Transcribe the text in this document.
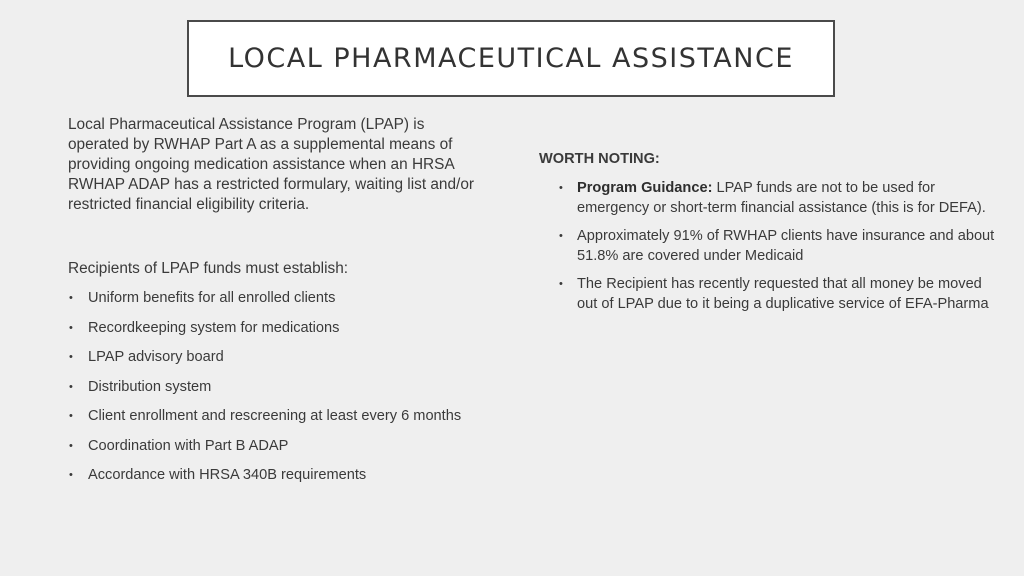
LOCAL PHARMACEUTICAL ASSISTANCE

Local Pharmaceutical Assistance Program (LPAP) is operated by RWHAP Part A as a supplemental means of providing ongoing medication assistance when an HRSA RWHAP ADAP has a restricted formulary, waiting list and/or restricted financial eligibility criteria.

Recipients of LPAP funds must establish:

• Uniform benefits for all enrolled clients
• Recordkeeping system for medications
• LPAP advisory board
• Distribution system
• Client enrollment and rescreening at least every 6 months
• Coordination with Part B ADAP
• Accordance with HRSA 340B requirements

WORTH NOTING:

• Program Guidance: LPAP funds are not to be used for emergency or short-term financial assistance (this is for DEFA).
• Approximately 91% of RWHAP clients have insurance and about 51.8% are covered under Medicaid
• The Recipient has recently requested that all money be moved out of LPAP due to it being a duplicative service of EFA-Pharma
